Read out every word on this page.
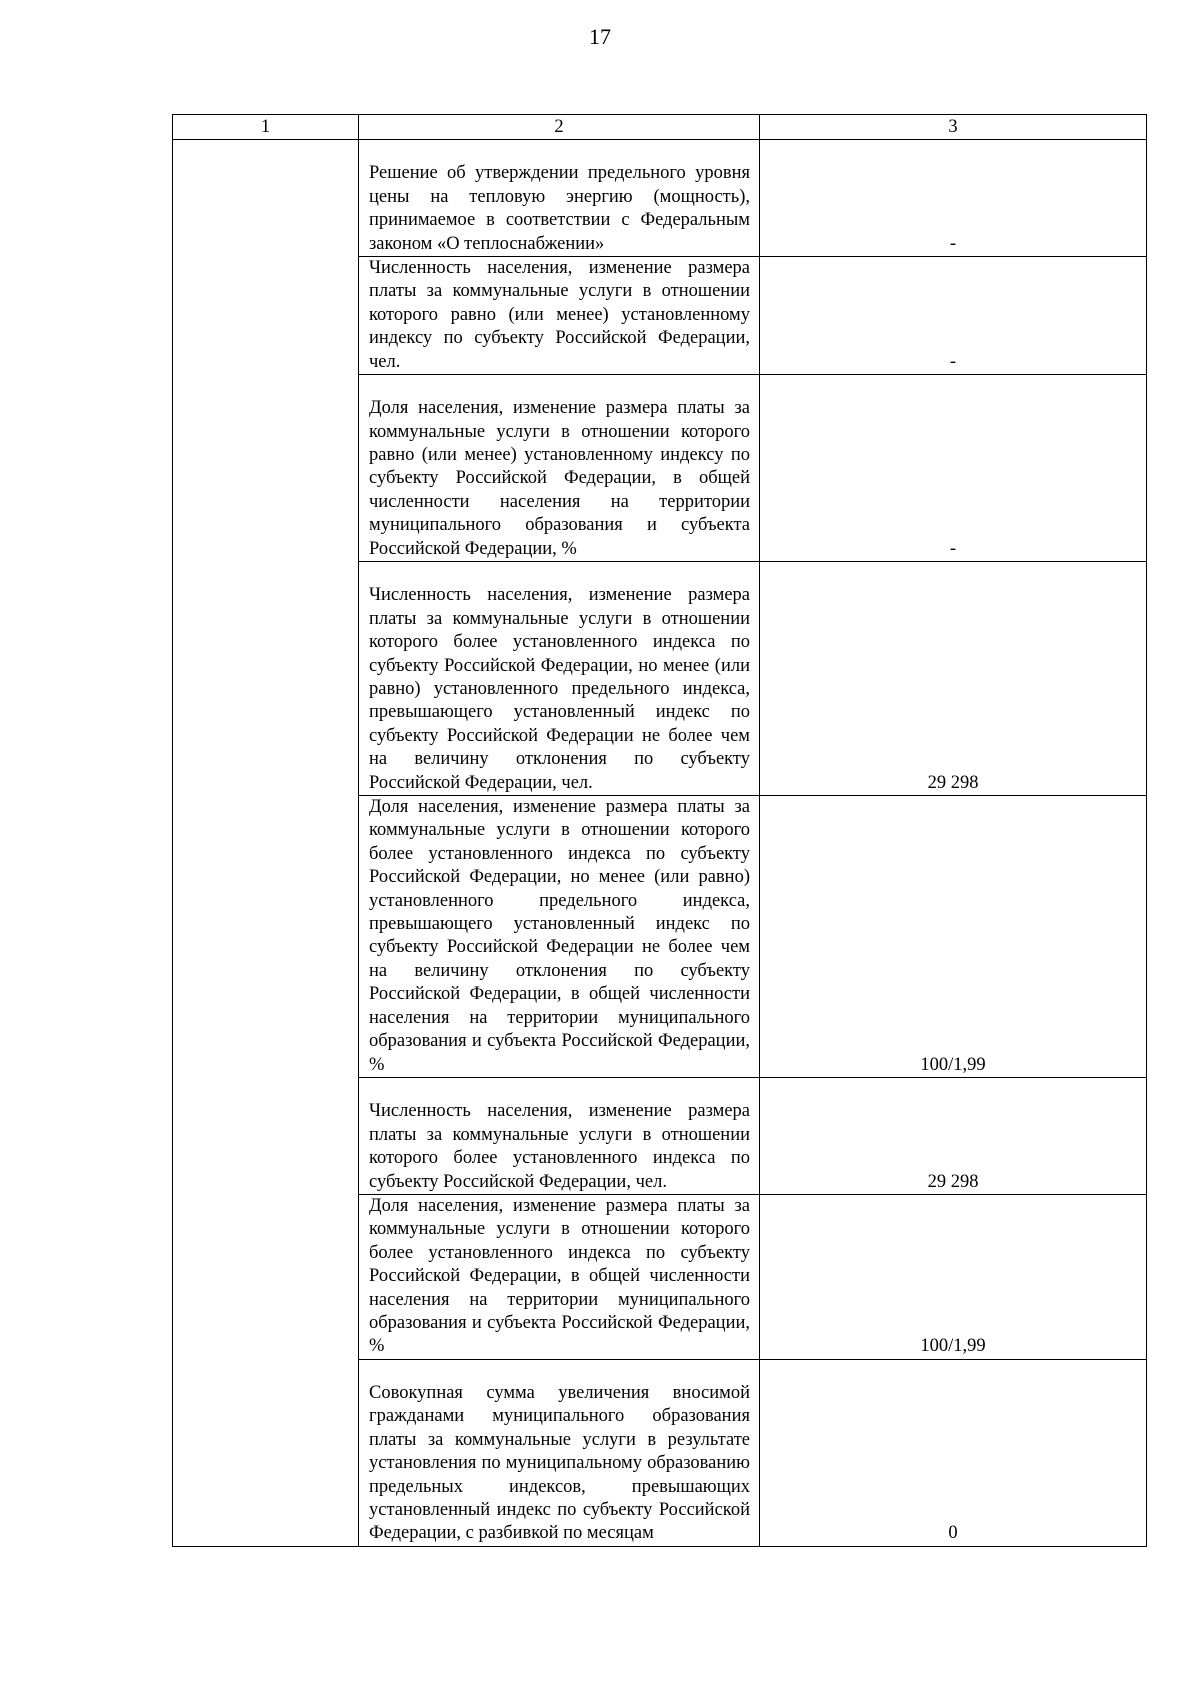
17
1	2	3
	Решение об утверждении предельного уровня цены на тепловую энергию (мощность), принимаемое в соответствии с Федеральным законом «О теплоснабжении»	-
	Численность населения, изменение размера платы за коммунальные услуги в отношении которого равно (или менее) установленному индексу по субъекту Российской Федерации, чел.	-
	Доля населения, изменение размера платы за коммунальные услуги в отношении которого равно (или менее) установленному индексу по субъекту Российской Федерации, в общей численности населения на территории муниципального образования и субъекта Российской Федерации, %	-
	Численность населения, изменение размера платы за коммунальные услуги в отношении которого более установленного индекса по субъекту Российской Федерации, но менее (или равно) установленного предельного индекса, превышающего установленный индекс по субъекту Российской Федерации не более чем на величину отклонения по субъекту Российской Федерации, чел.	29 298
	Доля населения, изменение размера платы за коммунальные услуги в отношении которого более установленного индекса по субъекту Российской Федерации, но менее (или равно) установленного предельного индекса, превышающего установленный индекс по субъекту Российской Федерации не более чем на величину отклонения по субъекту Российской Федерации, в общей численности населения на территории муниципального образования и субъекта Российской Федерации, %	100/1,99
	Численность населения, изменение размера платы за коммунальные услуги в отношении которого более установленного индекса по субъекту Российской Федерации, чел.	29 298
	Доля населения, изменение размера платы за коммунальные услуги в отношении которого более установленного индекса по субъекту Российской Федерации, в общей численности населения на территории муниципального образования и субъекта Российской Федерации, %	100/1,99
	Совокупная сумма увеличения вносимой гражданами муниципального образования платы за коммунальные услуги в результате установления по муниципальному образованию предельных индексов, превышающих установленный индекс по субъекту Российской Федерации, с разбивкой по месяцам	0
